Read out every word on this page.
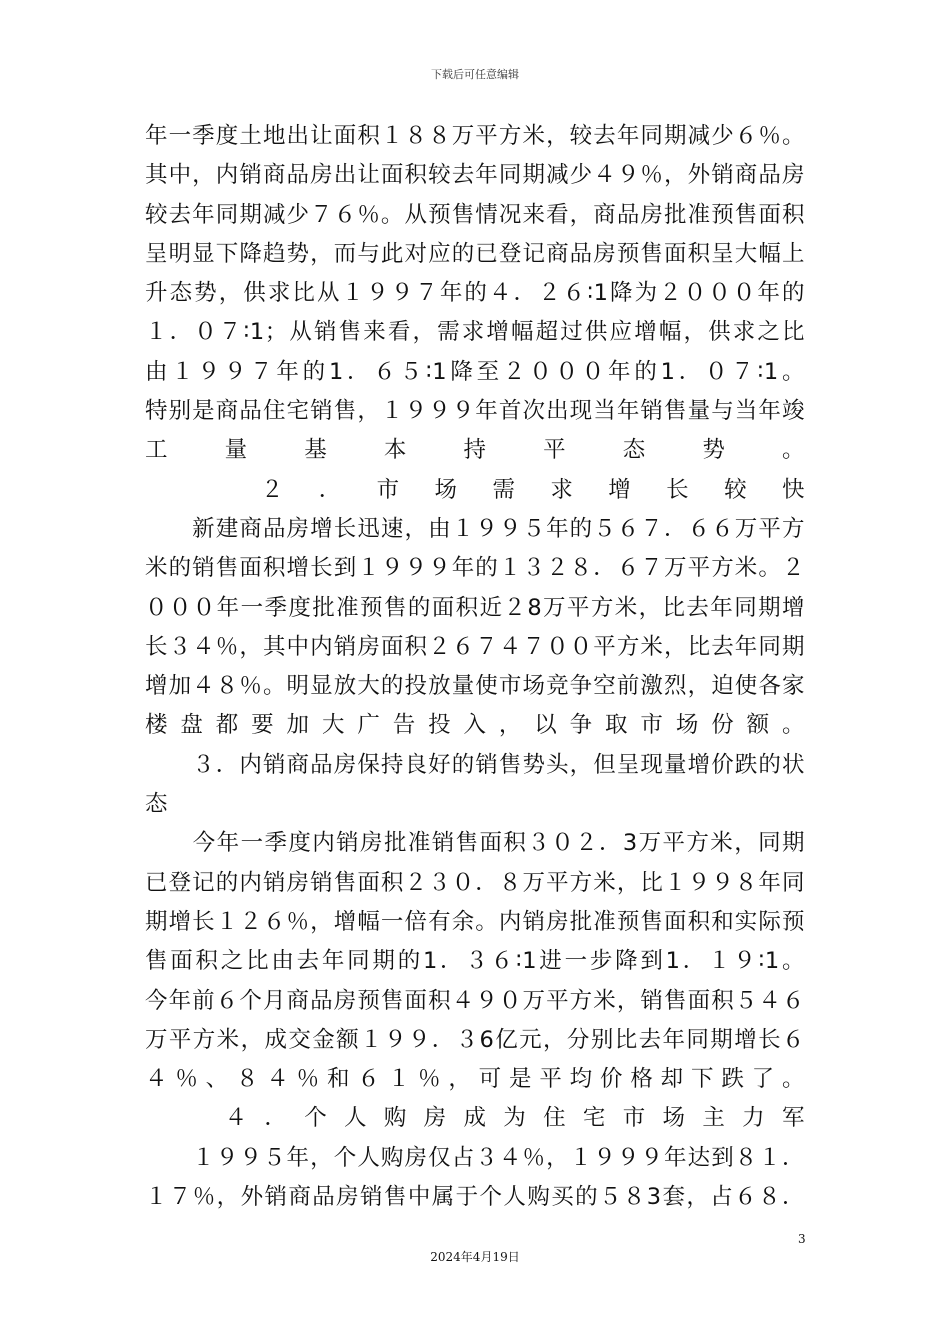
下载后可任意编辑
年一季度土地出让面积１８８万平方米，较去年同期减少６％。
其中，内销商品房出让面积较去年同期减少４９％，外销商品房
较去年同期减少７６％。从预售情况来看，商品房批准预售面积
呈明显下降趋势，而与此对应的已登记商品房预售面积呈大幅上
升态势，供求比从１９９７年的４．２６∶1降为２０００年的
１．０７∶1；从销售来看，需求增幅超过供应增幅，供求之比
由１９９７年的1．６５∶1降至２０００年的1．０７∶1。
特别是商品住宅销售，１９９９年首次出现当年销售量与当年竣
工量基本持平态势。
　　２．市场需求增长较快
　　新建商品房增长迅速，由１９９５年的５６７．６６万平方
米的销售面积增长到１９９９年的１３２８．６７万平方米。２
０００年一季度批准预售的面积近２8万平方米，比去年同期增
长３４％，其中内销房面积２６７４７００平方米，比去年同期
增加４８％。明显放大的投放量使市场竞争空前激烈，迫使各家
楼盘都要加大广告投入，以争取市场份额。
　　３．内销商品房保持良好的销售势头，但呈现量增价跌的状
态
　　今年一季度内销房批准销售面积３０２．3万平方米，同期
已登记的内销房销售面积２３０．８万平方米，比１９９８年同
期增长１２６％，增幅一倍有余。内销房批准预售面积和实际预
售面积之比由去年同期的1．３６∶1进一步降到1．１９∶1。
今年前６个月商品房预售面积４９０万平方米，销售面积５４６
万平方米，成交金额１９９．３6亿元，分别比去年同期增长６
４％、８４％和６１％，可是平均价格却下跌了。
　　４．个人购房成为住宅市场主力军
　　１９９５年，个人购房仅占３４％，１９９９年达到８１．
１７％，外销商品房销售中属于个人购买的５８3套，占６８．
3
2024年4月19日
